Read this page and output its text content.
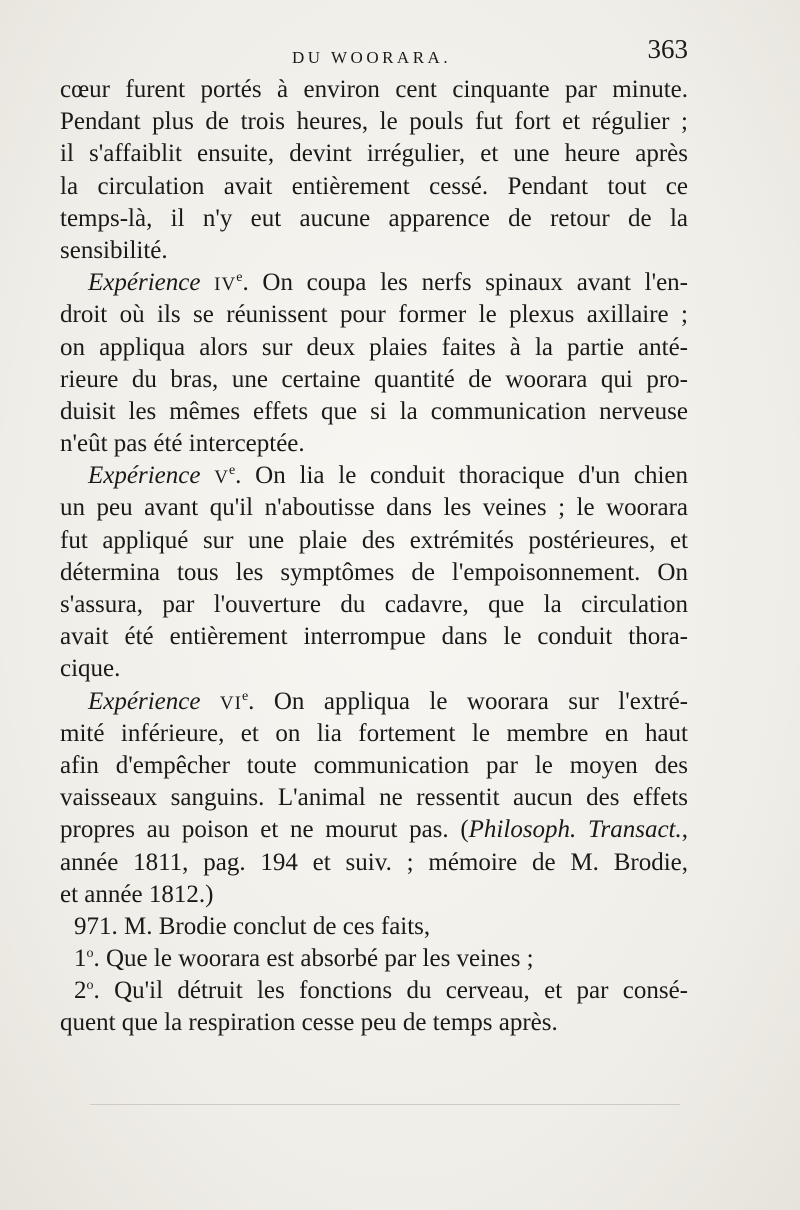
DU WOORARA.	363
cœur furent portés à environ cent cinquante par minute.
Pendant plus de trois heures, le pouls fut fort et régulier ;
il s'affaiblit ensuite, devint irrégulier, et une heure après
la circulation avait entièrement cessé. Pendant tout ce
temps-là, il n'y eut aucune apparence de retour de la
sensibilité.
Expérience IVe. On coupa les nerfs spinaux avant l'en-
droit où ils se réunissent pour former le plexus axillaire ;
on appliqua alors sur deux plaies faites à la partie anté-
rieure du bras, une certaine quantité de woorara qui pro-
duisit les mêmes effets que si la communication nerveuse
n'eût pas été interceptée.
Expérience Ve. On lia le conduit thoracique d'un chien
un peu avant qu'il n'aboutisse dans les veines ; le woorara
fut appliqué sur une plaie des extrémités postérieures, et
détermina tous les symptômes de l'empoisonnement. On
s'assura, par l'ouverture du cadavre, que la circulation
avait été entièrement interrompue dans le conduit thora-
cique.
Expérience VIe. On appliqua le woorara sur l'extré-
mité inférieure, et on lia fortement le membre en haut
afin d'empêcher toute communication par le moyen des
vaisseaux sanguins. L'animal ne ressentit aucun des effets
propres au poison et ne mourut pas. (Philosoph. Transact.,
année 1811, pag. 194 et suiv. ; mémoire de M. Brodie,
et année 1812.)
971. M. Brodie conclut de ces faits,
1$^o$. Que le woorara est absorbé par les veines ;
2$^o$. Qu'il détruit les fonctions du cerveau, et par consé-
quent que la respiration cesse peu de temps après.
